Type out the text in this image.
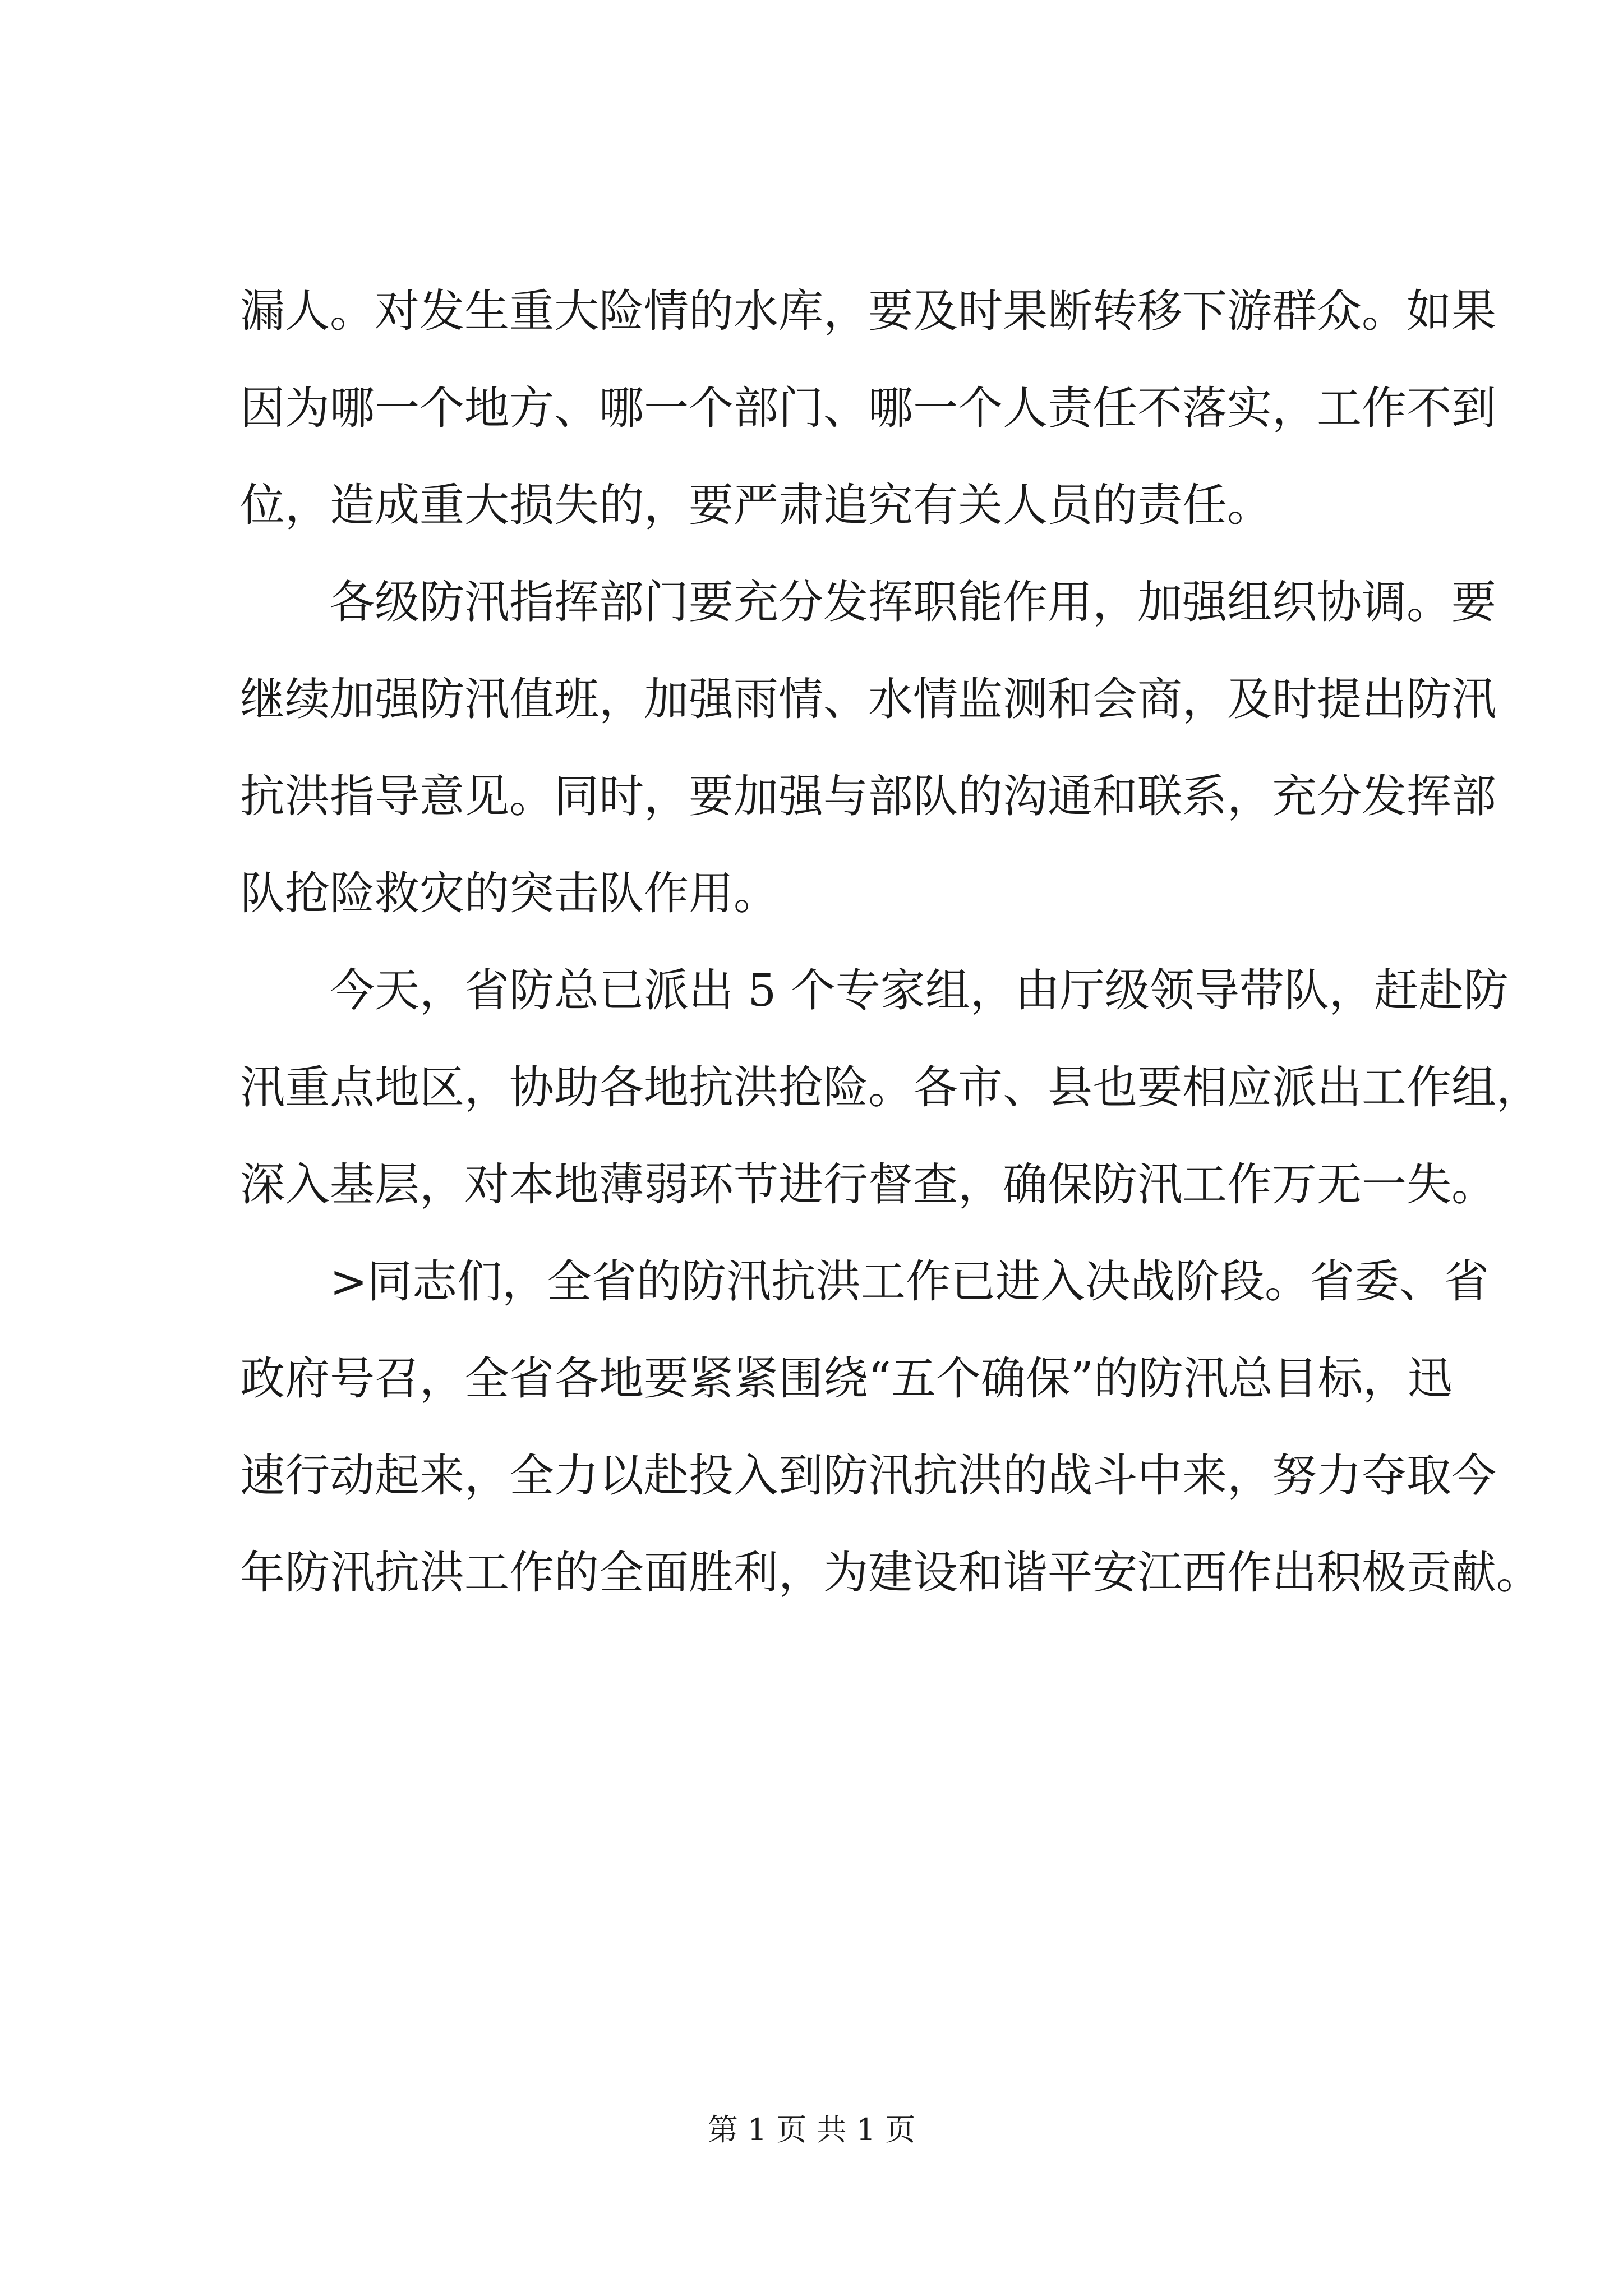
漏人。对发生重大险情的水库，要及时果断转移下游群众。如果
因为哪一个地方、哪一个部门、哪一个人责任不落实，工作不到
位，造成重大损失的，要严肃追究有关人员的责任。
各级防汛指挥部门要充分发挥职能作用，加强组织协调。要
继续加强防汛值班，加强雨情、水情监测和会商，及时提出防汛
抗洪指导意见。同时，要加强与部队的沟通和联系，充分发挥部
队抢险救灾的突击队作用。
今天，省防总已派出 5 个专家组，由厅级领导带队，赶赴防
汛重点地区，协助各地抗洪抢险。各市、县也要相应派出工作组，
深入基层，对本地薄弱环节进行督查，确保防汛工作万无一失。
>同志们，全省的防汛抗洪工作已进入决战阶段。省委、省
政府号召，全省各地要紧紧围绕“五个确保”的防汛总目标，迅
速行动起来，全力以赴投入到防汛抗洪的战斗中来，努力夺取今
年防汛抗洪工作的全面胜利，为建设和谐平安江西作出积极贡献。
第 1 页 共 1 页
